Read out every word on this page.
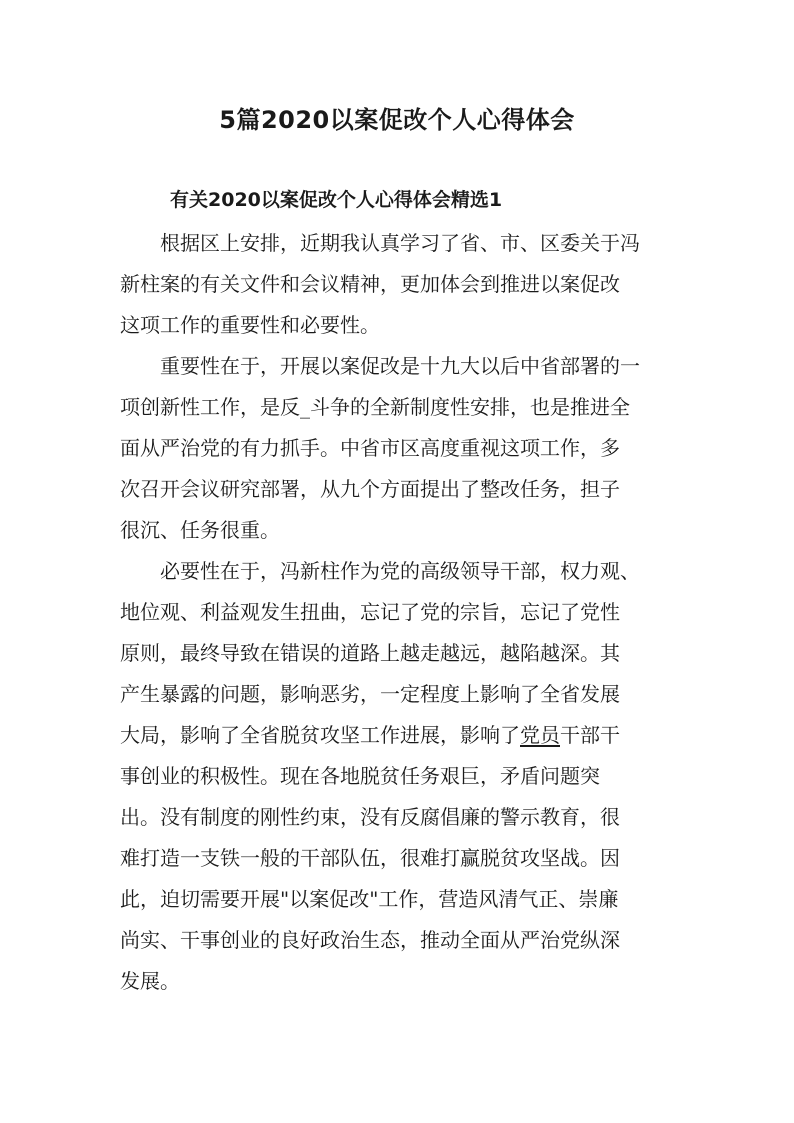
5篇2020以案促改个人心得体会
有关2020以案促改个人心得体会精选1
根据区上安排，近期我认真学习了省、市、区委关于冯
新柱案的有关文件和会议精神，更加体会到推进以案促改
这项工作的重要性和必要性。
重要性在于，开展以案促改是十九大以后中省部署的一
项创新性工作，是反_斗争的全新制度性安排，也是推进全
面从严治党的有力抓手。中省市区高度重视这项工作，多
次召开会议研究部署，从九个方面提出了整改任务，担子
很沉、任务很重。
必要性在于，冯新柱作为党的高级领导干部，权力观、
地位观、利益观发生扭曲，忘记了党的宗旨，忘记了党性
原则，最终导致在错误的道路上越走越远，越陷越深。其
产生暴露的问题，影响恶劣，一定程度上影响了全省发展
大局，影响了全省脱贫攻坚工作进展，影响了党员干部干
事创业的积极性。现在各地脱贫任务艰巨，矛盾问题突
出。没有制度的刚性约束，没有反腐倡廉的警示教育，很
难打造一支铁一般的干部队伍，很难打赢脱贫攻坚战。因
此，迫切需要开展"以案促改"工作，营造风清气正、崇廉
尚实、干事创业的良好政治生态，推动全面从严治党纵深
发展。
